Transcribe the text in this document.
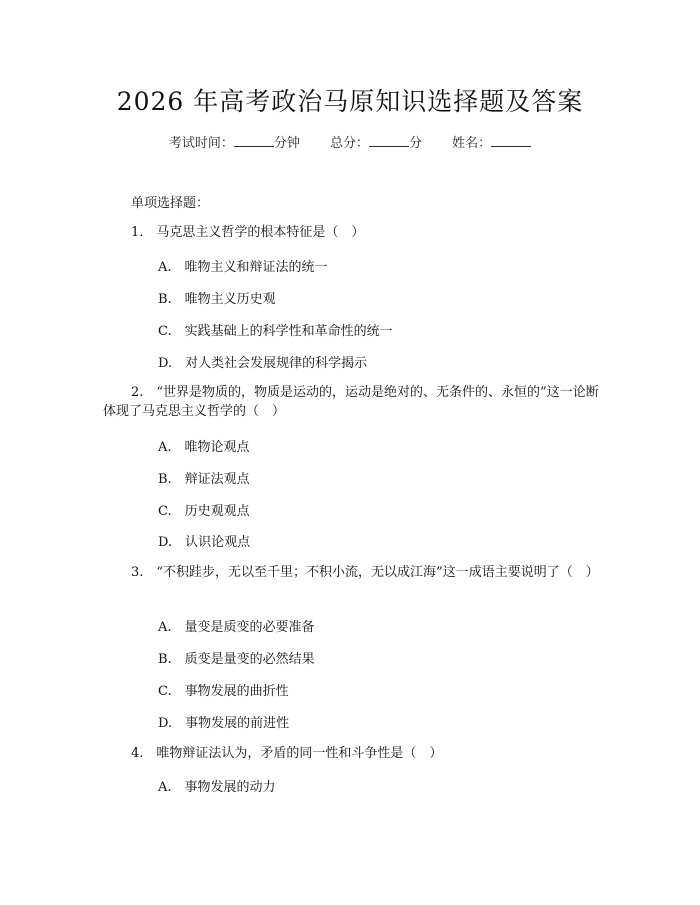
2026 年高考政治马原知识选择题及答案
考试时间：	分钟 总分：	分 姓名：
单项选择题：
1.　马克思主义哲学的根本特征是（　）
A.　唯物主义和辩证法的统一
B.　唯物主义历史观
C.　实践基础上的科学性和革命性的统一
D.　对人类社会发展规律的科学揭示
2.　“世界是物质的，物质是运动的，运动是绝对的、无条件的、永恒的”这一论断体现了马克思主义哲学的（　）
A.　唯物论观点
B.　辩证法观点
C.　历史观观点
D.　认识论观点
3.　“不积跬步，无以至千里；不积小流，无以成江海”这一成语主要说明了（　）
A.　量变是质变的必要准备
B.　质变是量变的必然结果
C.　事物发展的曲折性
D.　事物发展的前进性
4.　唯物辩证法认为，矛盾的同一性和斗争性是（　）
A.　事物发展的动力
